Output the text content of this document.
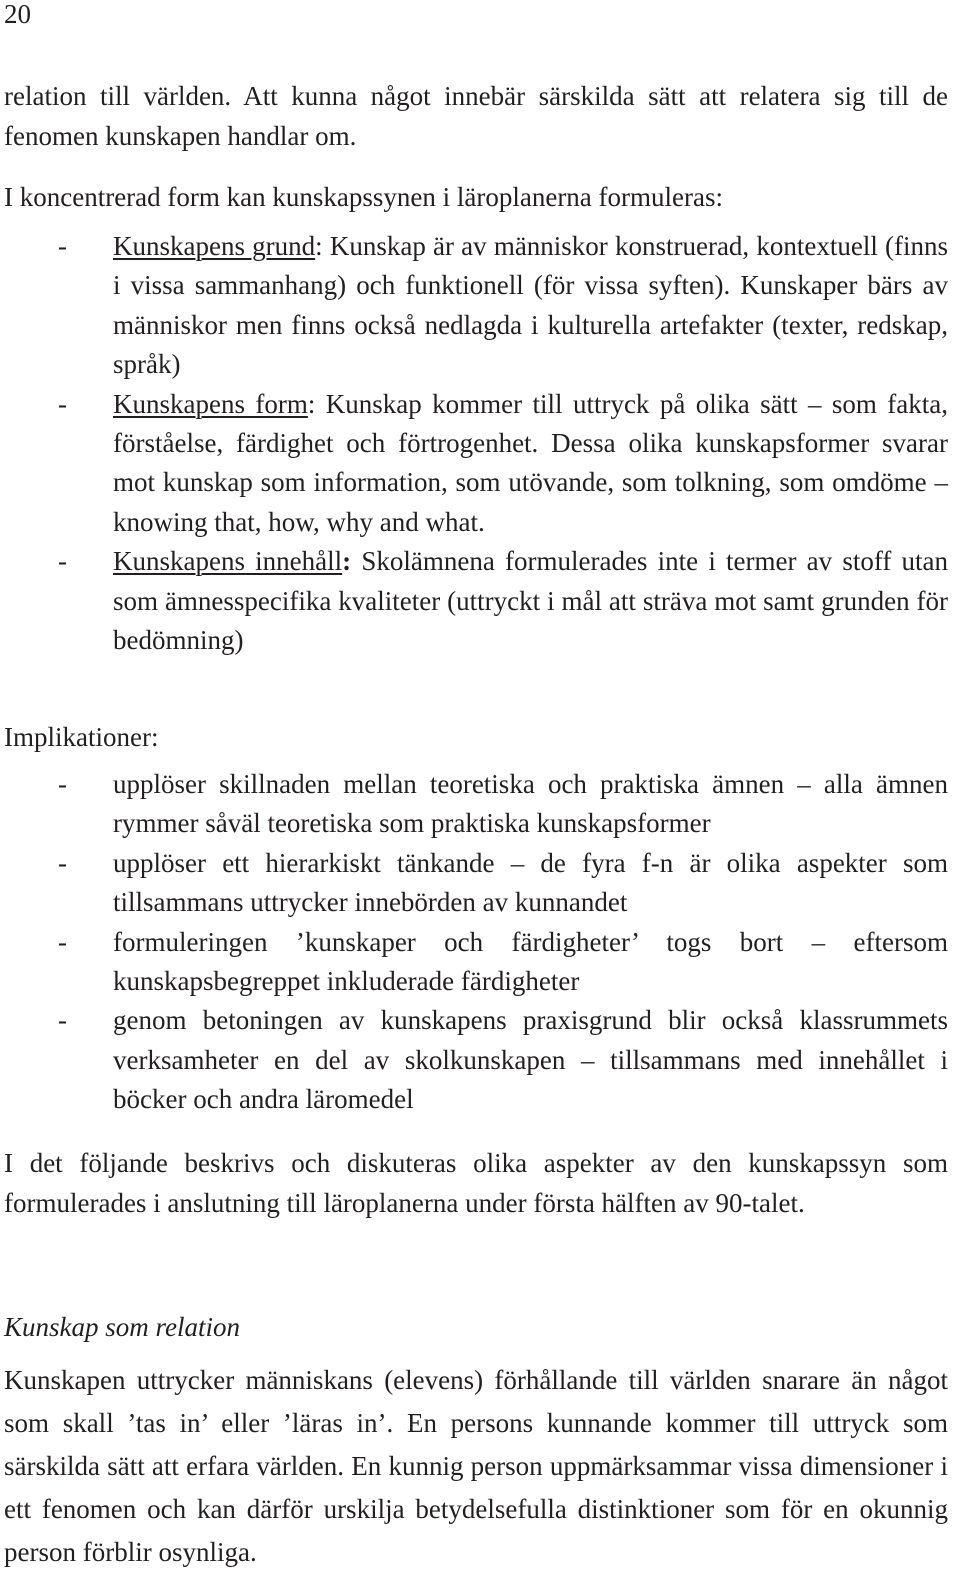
20

relation till världen. Att kunna något innebär särskilda sätt att relatera sig till de fenomen kunskapen handlar om.

I koncentrerad form kan kunskapssynen i läroplanerna formuleras:

- Kunskapens grund: Kunskap är av människor konstruerad, kontextuell (finns i vissa sammanhang) och funktionell (för vissa syften). Kunskaper bärs av människor men finns också nedlagda i kulturella artefakter (texter, redskap, språk)
- Kunskapens form: Kunskap kommer till uttryck på olika sätt – som fakta, förståelse, färdighet och förtrogenhet. Dessa olika kunskapsformer svarar mot kunskap som information, som utövande, som tolkning, som omdöme – knowing that, how, why and what.
- Kunskapens innehåll: Skolämnena formulerades inte i termer av stoff utan som ämnesspecifika kvaliteter (uttryckt i mål att sträva mot samt grunden för bedömning)

Implikationer:

- upplöser skillnaden mellan teoretiska och praktiska ämnen – alla ämnen rymmer såväl teoretiska som praktiska kunskapsformer
- upplöser ett hierarkiskt tänkande – de fyra f-n är olika aspekter som tillsammans uttrycker innebörden av kunnandet
- formuleringen ’kunskaper och färdigheter’ togs bort – eftersom kunskapsbegreppet inkluderade färdigheter
- genom betoningen av kunskapens praxisgrund blir också klassrummets verksamheter en del av skolkunskapen – tillsammans med innehållet i böcker och andra läromedel

I det följande beskrivs och diskuteras olika aspekter av den kunskapssyn som formulerades i anslutning till läroplanerna under första hälften av 90-talet.

Kunskap som relation

Kunskapen uttrycker människans (elevens) förhållande till världen snarare än något som skall ’tas in’ eller ’läras in’. En persons kunnande kommer till uttryck som särskilda sätt att erfara världen. En kunnig person uppmärksammar vissa dimensioner i ett fenomen och kan därför urskilja betydelsefulla distinktioner som för en okunnig person förblir osynliga.
